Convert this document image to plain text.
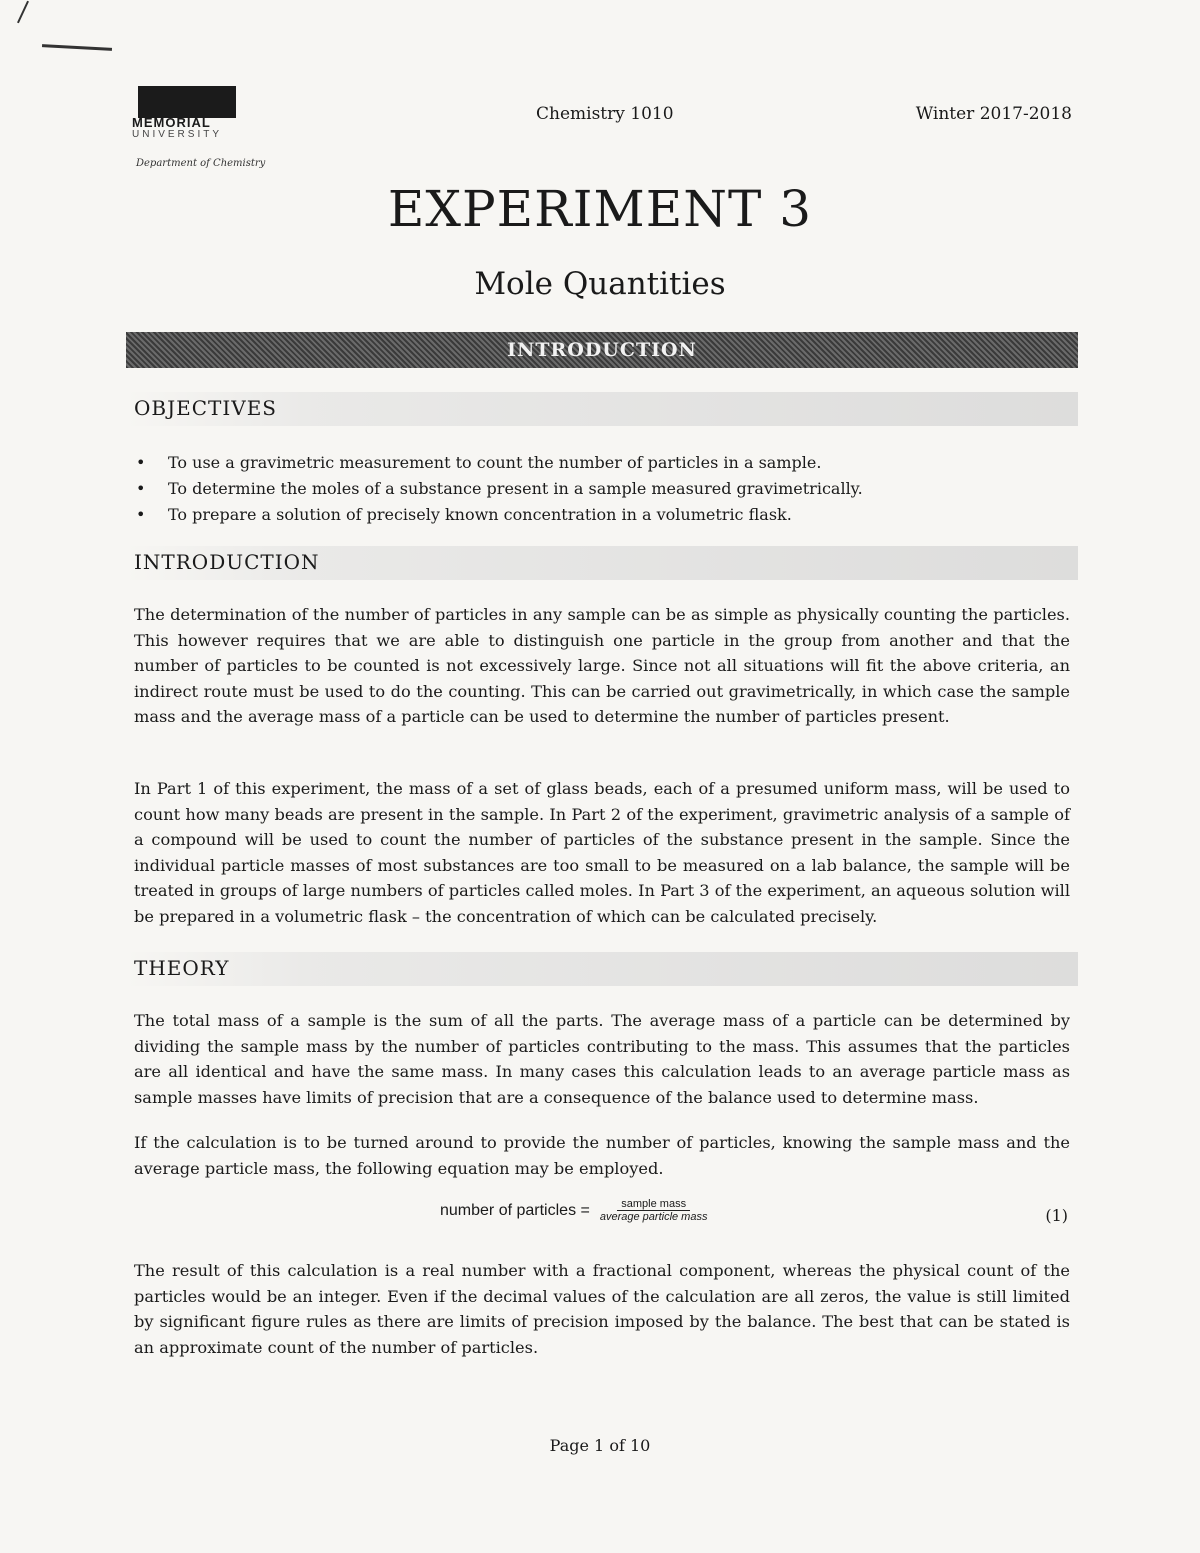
MEMORIAL
UNIVERSITY
Department of Chemistry
Chemistry 1010	Winter 2017-2018
EXPERIMENT 3
Mole Quantities
INTRODUCTION
OBJECTIVES
• To use a gravimetric measurement to count the number of particles in a sample.
• To determine the moles of a substance present in a sample measured gravimetrically.
• To prepare a solution of precisely known concentration in a volumetric flask.
INTRODUCTION

The determination of the number of particles in any sample can be as simple as physically counting the particles. This however requires that we are able to distinguish one particle in the group from another and that the number of particles to be counted is not excessively large. Since not all situations will fit the above criteria, an indirect route must be used to do the counting. This can be carried out gravimetrically, in which case the sample mass and the average mass of a particle can be used to determine the number of particles present.

In Part 1 of this experiment, the mass of a set of glass beads, each of a presumed uniform mass, will be used to count how many beads are present in the sample. In Part 2 of the experiment, gravimetric analysis of a sample of a compound will be used to count the number of particles of the substance present in the sample. Since the individual particle masses of most substances are too small to be measured on a lab balance, the sample will be treated in groups of large numbers of particles called moles. In Part 3 of the experiment, an aqueous solution will be prepared in a volumetric flask – the concentration of which can be calculated precisely.

THEORY

The total mass of a sample is the sum of all the parts. The average mass of a particle can be determined by dividing the sample mass by the number of particles contributing to the mass. This assumes that the particles are all identical and have the same mass. In many cases this calculation leads to an average particle mass as sample masses have limits of precision that are a consequence of the balance used to determine mass.

If the calculation is to be turned around to provide the number of particles, knowing the sample mass and the average particle mass, the following equation may be employed.

number of particles = $\frac{\text{sample mass}}{\text{average particle mass}}$	(1)

The result of this calculation is a real number with a fractional component, whereas the physical count of the particles would be an integer. Even if the decimal values of the calculation are all zeros, the value is still limited by significant figure rules as there are limits of precision imposed by the balance. The best that can be stated is an approximate count of the number of particles.

Page 1 of 10
